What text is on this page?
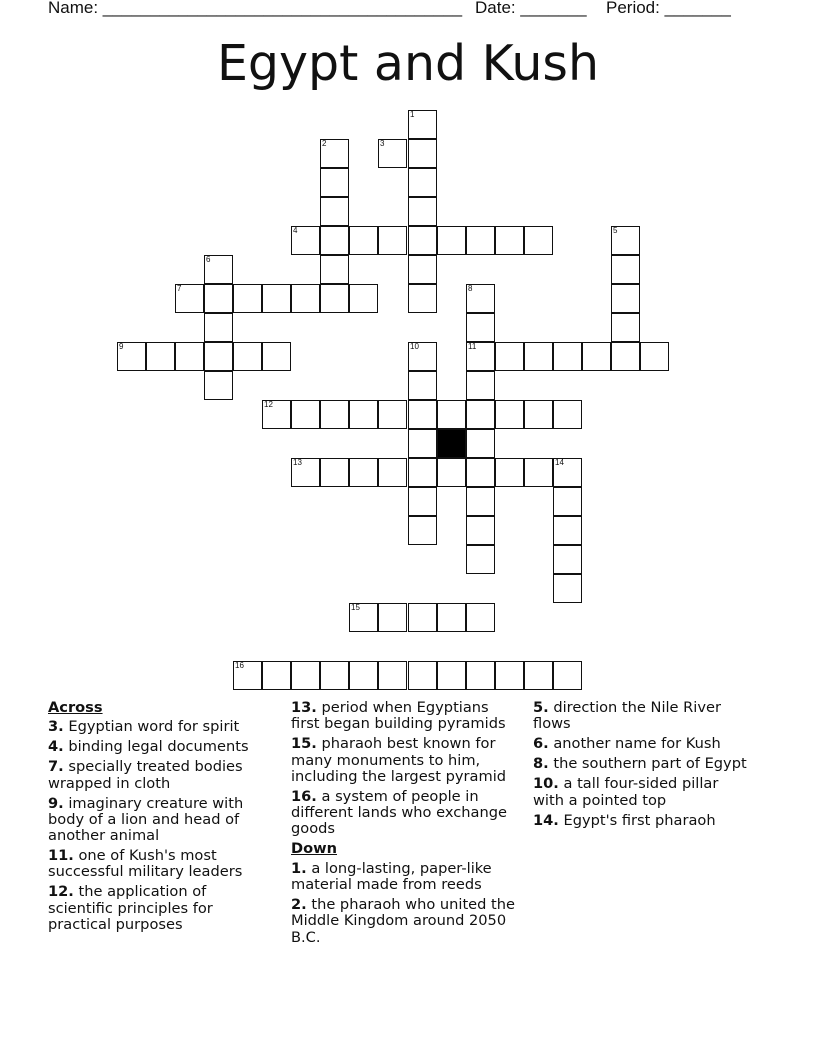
Name: ______________________________________ Date: _______ Period: _______
Egypt and Kush
1
2	3
4	5
6
7	8
11
9	10
12
13	14
15
16
Across
3. Egyptian word for spirit
4. binding legal documents
7. specially treated bodies wrapped in cloth
9. imaginary creature with body of a lion and head of another animal
11. one of Kush's most successful military leaders
12. the application of scientific principles for practical purposes
13. period when Egyptians first began building pyramids
15. pharaoh best known for many monuments to him, including the largest pyramid
16. a system of people in different lands who exchange goods
Down
1. a long-lasting, paper-like material made from reeds
2. the pharaoh who united the Middle Kingdom around 2050 B.C.
5. direction the Nile River flows
6. another name for Kush
8. the southern part of Egypt
10. a tall four-sided pillar with a pointed top
14. Egypt's first pharaoh
